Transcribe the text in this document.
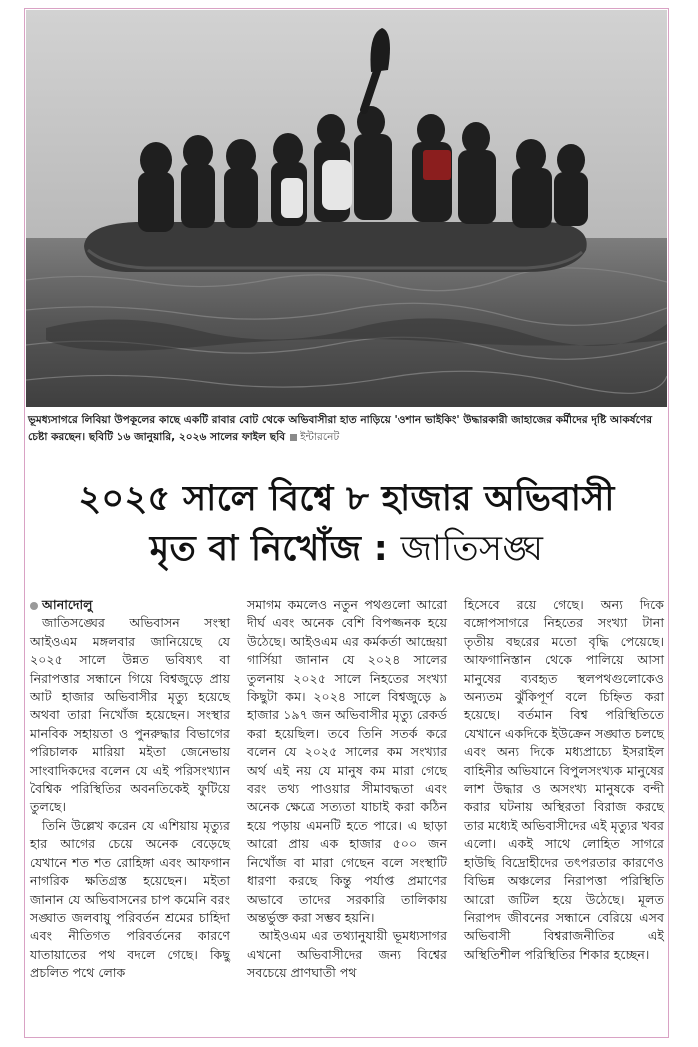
ভূমধ্যসাগরে লিবিয়া উপকূলের কাছে একটি রাবার বোট থেকে অভিবাসীরা হাত নাড়িয়ে 'ওশান ভাইকিং' উদ্ধারকারী জাহাজের কর্মীদের দৃষ্টি আকর্ষণের চেষ্টা করছেন। ছবিটি ১৬ জানুয়ারি, ২০২৬ সালের ফাইল ছবি ইন্টারনেট
২০২৫ সালে বিশ্বে ৮ হাজার অভিবাসী
মৃত বা নিখোঁজ : জাতিসঙ্ঘ

আনাদোলু

জাতিসঙ্ঘের অভিবাসন সংস্থা আইওএম মঙ্গলবার জানিয়েছে যে ২০২৫ সালে উন্নত ভবিষ্যৎ বা নিরাপত্তার সন্ধানে গিয়ে বিশ্বজুড়ে প্রায় আট হাজার অভিবাসীর মৃত্যু হয়েছে অথবা তারা নিখোঁজ হয়েছেন। সংস্থার মানবিক সহায়তা ও পুনরুদ্ধার বিভাগের পরিচালক মারিয়া মইতা জেনেভায় সাংবাদিকদের বলেন যে এই পরিসংখ্যান বৈশ্বিক পরিস্থিতির অবনতিকেই ফুটিয়ে তুলছে।

তিনি উল্লেখ করেন যে এশিয়ায় মৃত্যুর হার আগের চেয়ে অনেক বেড়েছে যেখানে শত শত রোহিঙ্গা এবং আফগান নাগরিক ক্ষতিগ্রস্ত হয়েছেন। মইতা জানান যে অভিবাসনের চাপ কমেনি বরং সঙ্ঘাত জলবায়ু পরিবর্তন শ্রমের চাহিদা এবং নীতিগত পরিবর্তনের কারণে যাতায়াতের পথ বদলে গেছে। কিছু প্রচলিত পথে লোক

সমাগম কমলেও নতুন পথগুলো আরো দীর্ঘ এবং অনেক বেশি বিপজ্জনক হয়ে উঠেছে। আইওএম এর কর্মকর্তা আন্দ্রেয়া গার্সিয়া জানান যে ২০২৪ সালের তুলনায় ২০২৫ সালে নিহতের সংখ্যা কিছুটা কম। ২০২৪ সালে বিশ্বজুড়ে ৯ হাজার ১৯৭ জন অভিবাসীর মৃত্যু রেকর্ড করা হয়েছিল। তবে তিনি সতর্ক করে বলেন যে ২০২৫ সালের কম সংখ্যার অর্থ এই নয় যে মানুষ কম মারা গেছে বরং তথ্য পাওয়ার সীমাবদ্ধতা এবং অনেক ক্ষেত্রে সত্যতা যাচাই করা কঠিন হয়ে পড়ায় এমনটি হতে পারে। এ ছাড়া আরো প্রায় এক হাজার ৫০০ জন নিখোঁজ বা মারা গেছেন বলে সংস্থাটি ধারণা করছে কিন্তু পর্যাপ্ত প্রমাণের অভাবে তাদের সরকারি তালিকায় অন্তর্ভুক্ত করা সম্ভব হয়নি।

আইওএম এর তথ্যানুযায়ী ভূমধ্যসাগর এখনো অভিবাসীদের জন্য বিশ্বের সবচেয়ে প্রাণঘাতী পথ

হিসেবে রয়ে গেছে। অন্য দিকে বঙ্গোপসাগরে নিহতের সংখ্যা টানা তৃতীয় বছরের মতো বৃদ্ধি পেয়েছে। আফগানিস্তান থেকে পালিয়ে আসা মানুষের ব্যবহৃত স্থলপথগুলোকেও অন্যতম ঝুঁকিপূর্ণ বলে চিহ্নিত করা হয়েছে। বর্তমান বিশ্ব পরিস্থিতিতে যেখানে একদিকে ইউক্রেন সঙ্ঘাত চলছে এবং অন্য দিকে মধ্যপ্রাচ্যে ইসরাইল বাহিনীর অভিযানে বিপুলসংখ্যক মানুষের লাশ উদ্ধার ও অসংখ্য মানুষকে বন্দী করার ঘটনায় অস্থিরতা বিরাজ করছে তার মধ্যেই অভিবাসীদের এই মৃত্যুর খবর এলো। একই সাথে লোহিত সাগরে হাউছি বিদ্রোহীদের তৎপরতার কারণেও বিভিন্ন অঞ্চলের নিরাপত্তা পরিস্থিতি আরো জটিল হয়ে উঠেছে। মূলত নিরাপদ জীবনের সন্ধানে বেরিয়ে এসব অভিবাসী বিশ্বরাজনীতির এই অস্থিতিশীল পরিস্থিতির শিকার হচ্ছেন।
